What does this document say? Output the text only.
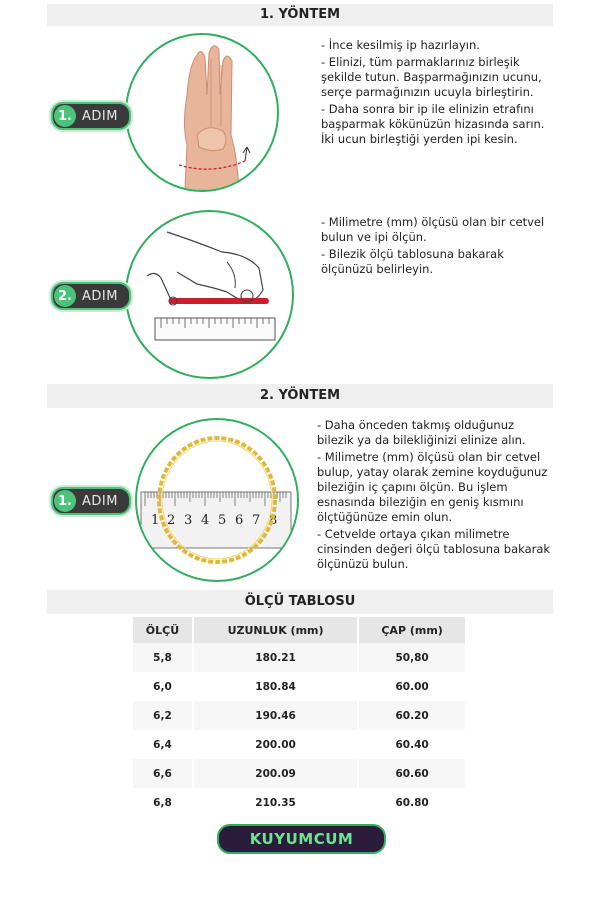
1. YÖNTEM
1. ADIM

- İnce kesilmiş ip hazırlayın.

- Elinizi, tüm parmaklarınız birleşik şekilde tutun. Başparmağınızın ucunu, serçe parmağınızın ucuyla birleştirin.

- Daha sonra bir ip ile elinizin etrafını başparmak kökünüzün hizasında sarın. İki ucun birleştiği yerden ipi kesin.

2. ADIM

- Milimetre (mm) ölçüsü olan bir cetvel bulun ve ipi ölçün.

- Bilezik ölçü tablosuna bakarak ölçünüzü belirleyin.

2. YÖNTEM
1 2 3 4 5 6 7 8
1. ADIM

- Daha önceden takmış olduğunuz bilezik ya da bilekliğinizi elinize alın.

- Milimetre (mm) ölçüsü olan bir cetvel bulup, yatay olarak zemine koyduğunuz bileziğin iç çapını ölçün. Bu işlem esnasında bileziğin en geniş kısmını ölçtüğünüze emin olun.

- Cetvelde ortaya çıkan milimetre cinsinden değeri ölçü tablosuna bakarak ölçünüzü bulun.

ÖLÇÜ TABLOSU
ÖLÇÜ	UZUNLUK (mm)	ÇAP (mm)
5,8	180.21	50,80
6,0	180.84	60.00
6,2	190.46	60.20
6,4	200.00	60.40
6,6	200.09	60.60
6,8	210.35	60.80
KUYUMCUM
